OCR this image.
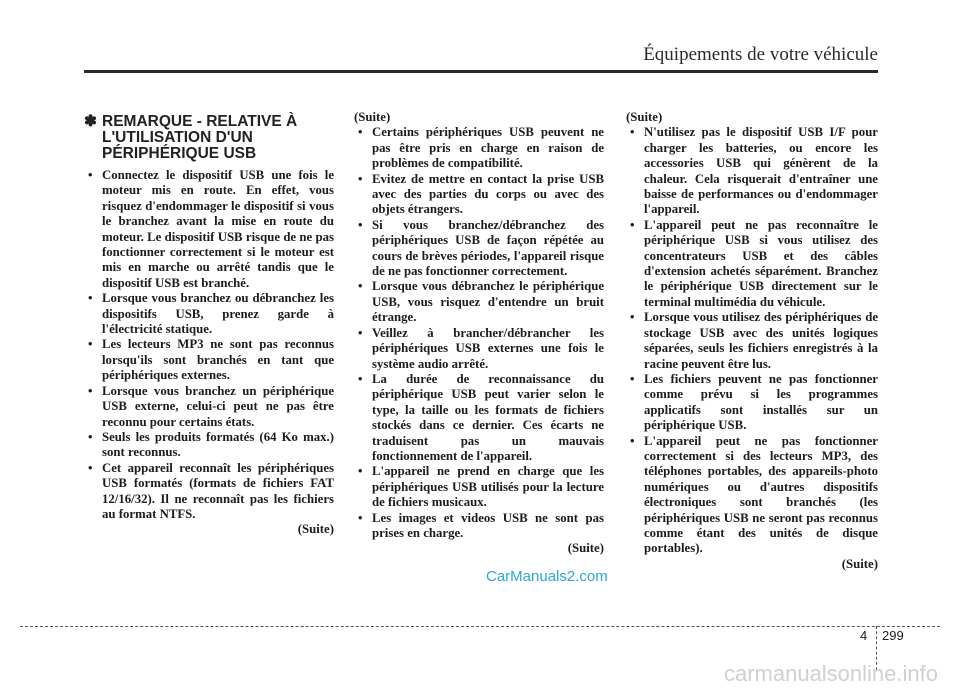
Équipements de votre véhicule
✽ REMARQUE - RELATIVE À L'UTILISATION D'UN PÉRIPHÉRIQUE USB
• Connectez le dispositif USB une fois le moteur mis en route. En effet, vous risquez d'endommager le dispositif si vous le branchez avant la mise en route du moteur. Le dispositif USB risque de ne pas fonctionner correctement si le moteur est mis en marche ou arrêté tandis que le dispositif USB est branché.
• Lorsque vous branchez ou débranchez les dispositifs USB, prenez garde à l'électricité statique.
• Les lecteurs MP3 ne sont pas reconnus lorsqu'ils sont branchés en tant que périphériques externes.
• Lorsque vous branchez un périphérique USB externe, celui-ci peut ne pas être reconnu pour certains états.
• Seuls les produits formatés (64 Ko max.) sont reconnus.
• Cet appareil reconnaît les périphériques USB formatés (formats de fichiers FAT 12/16/32). Il ne reconnaît pas les fichiers au format NTFS.
(Suite)
(Suite)
• Certains périphériques USB peuvent ne pas être pris en charge en raison de problèmes de compatibilité.
• Evitez de mettre en contact la prise USB avec des parties du corps ou avec des objets étrangers.
• Si vous branchez/débranchez des périphériques USB de façon répétée au cours de brèves périodes, l'appareil risque de ne pas fonctionner correctement.
• Lorsque vous débranchez le périphérique USB, vous risquez d'entendre un bruit étrange.
• Veillez à brancher/débrancher les périphériques USB externes une fois le système audio arrêté.
• La durée de reconnaissance du périphérique USB peut varier selon le type, la taille ou les formats de fichiers stockés dans ce dernier. Ces écarts ne traduisent pas un mauvais fonctionnement de l'appareil.
• L'appareil ne prend en charge que les périphériques USB utilisés pour la lecture de fichiers musicaux.
• Les images et videos USB ne sont pas prises en charge.
(Suite)
(Suite)
• N'utilisez pas le dispositif USB I/F pour charger les batteries, ou encore les accessories USB qui génèrent de la chaleur. Cela risquerait d'entraîner une baisse de performances ou d'endommager l'appareil.
• L'appareil peut ne pas reconnaître le périphérique USB si vous utilisez des concentrateurs USB et des câbles d'extension achetés séparément. Branchez le périphérique USB directement sur le terminal multimédia du véhicule.
• Lorsque vous utilisez des périphériques de stockage USB avec des unités logiques séparées, seuls les fichiers enregistrés à la racine peuvent être lus.
• Les fichiers peuvent ne pas fonctionner comme prévu si les programmes applicatifs sont installés sur un périphérique USB.
• L'appareil peut ne pas fonctionner correctement si des lecteurs MP3, des téléphones portables, des appareils-photo numériques ou d'autres dispositifs électroniques sont branchés (les périphériques USB ne seront pas reconnus comme étant des unités de disque portables).
(Suite)
CarManuals2.com
4 299
carmanualsonline.info
